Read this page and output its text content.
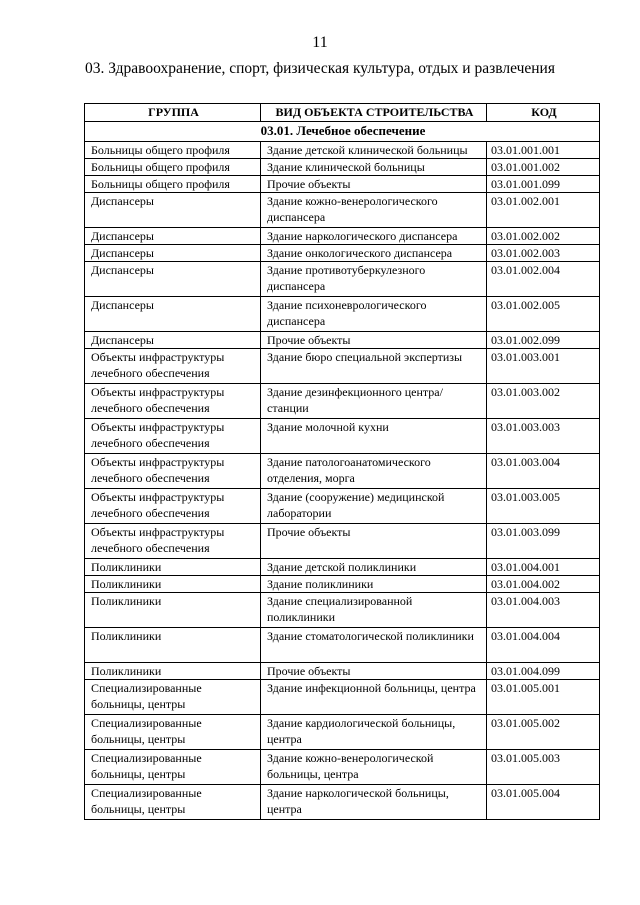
11
03. Здравоохранение, спорт, физическая культура, отдых и развлечения
ГРУППА	ВИД ОБЪЕКТА СТРОИТЕЛЬСТВА	КОД
03.01. Лечебное обеспечение		
Больницы общего профиля	Здание детской клинической больницы	03.01.001.001
Больницы общего профиля	Здание клинической больницы	03.01.001.002
Больницы общего профиля	Прочие объекты	03.01.001.099
Диспансеры	Здание кожно-венерологического диспансера	03.01.002.001
Диспансеры	Здание наркологического диспансера	03.01.002.002
Диспансеры	Здание онкологического диспансера	03.01.002.003
Диспансеры	Здание противотуберкулезного диспансера	03.01.002.004
Диспансеры	Здание психоневрологического диспансера	03.01.002.005
Диспансеры	Прочие объекты	03.01.002.099
Объекты инфраструктуры лечебного обеспечения	Здание бюро специальной экспертизы	03.01.003.001
Объекты инфраструктуры лечебного обеспечения	Здание дезинфекционного центра/станции	03.01.003.002
Объекты инфраструктуры лечебного обеспечения	Здание молочной кухни	03.01.003.003
Объекты инфраструктуры лечебного обеспечения	Здание патологоанатомического отделения, морга	03.01.003.004
Объекты инфраструктуры лечебного обеспечения	Здание (сооружение) медицинской лаборатории	03.01.003.005
Объекты инфраструктуры лечебного обеспечения	Прочие объекты	03.01.003.099
Поликлиники	Здание детской поликлиники	03.01.004.001
Поликлиники	Здание поликлиники	03.01.004.002
Поликлиники	Здание специализированной поликлиники	03.01.004.003
Поликлиники	Здание стоматологической поликлиники	03.01.004.004
Поликлиники	Прочие объекты	03.01.004.099
Специализированные больницы, центры	Здание инфекционной больницы, центра	03.01.005.001
Специализированные больницы, центры	Здание кардиологической больницы, центра	03.01.005.002
Специализированные больницы, центры	Здание кожно-венерологической больницы, центра	03.01.005.003
Специализированные больницы, центры	Здание наркологической больницы, центра	03.01.005.004
